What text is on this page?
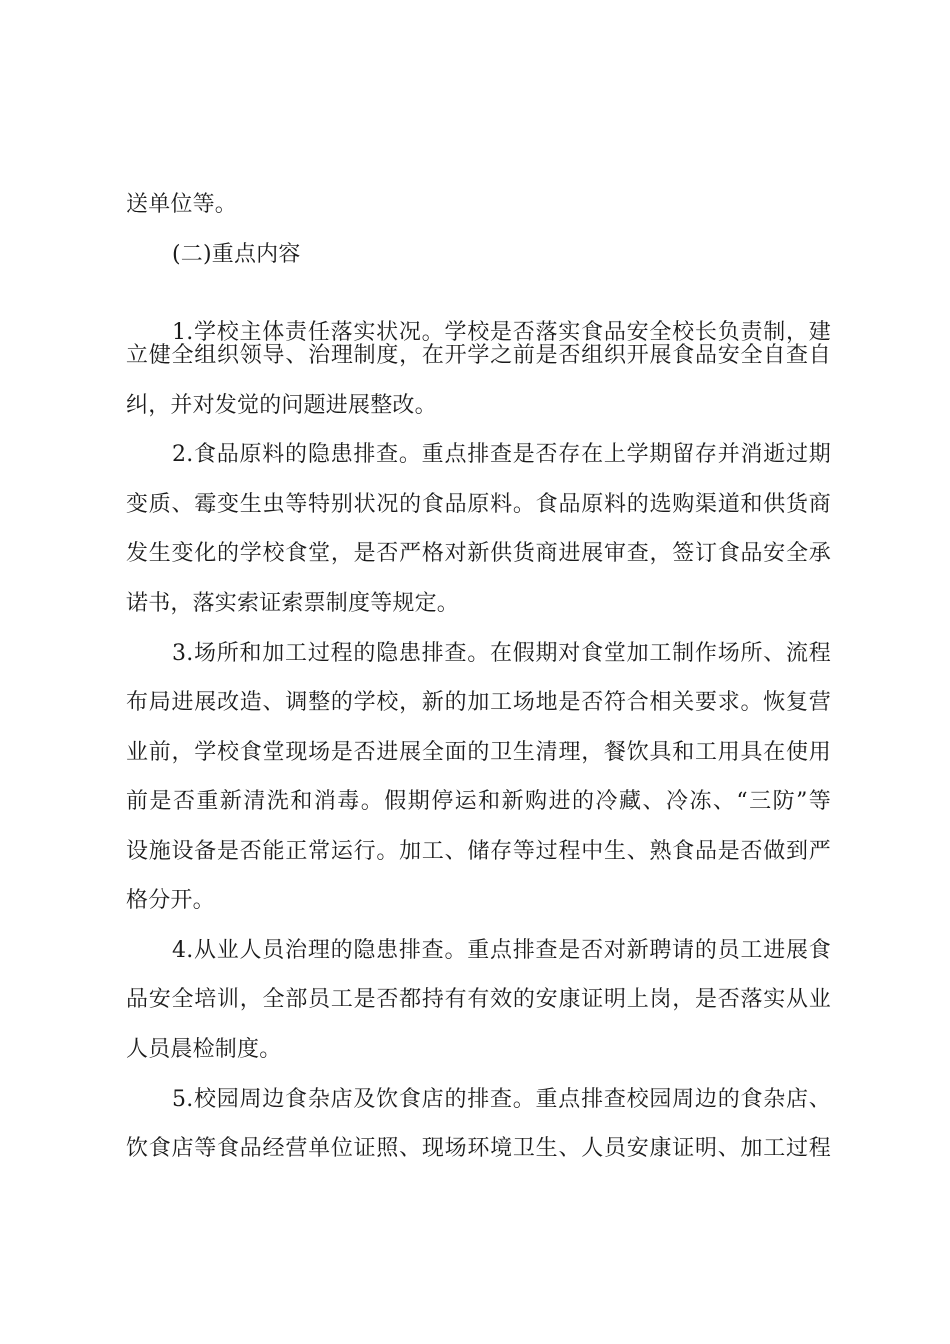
送单位等。
(二)重点内容
1.学校主体责任落实状况。学校是否落实食品安全校长负责制，建
立健全组织领导、治理制度，在开学之前是否组织开展食品安全自查自
纠，并对发觉的问题进展整改。
2.食品原料的隐患排查。重点排查是否存在上学期留存并消逝过期
变质、霉变生虫等特别状况的食品原料。食品原料的选购渠道和供货商
发生变化的学校食堂，是否严格对新供货商进展审查，签订食品安全承
诺书，落实索证索票制度等规定。
3.场所和加工过程的隐患排查。在假期对食堂加工制作场所、流程
布局进展改造、调整的学校，新的加工场地是否符合相关要求。恢复营
业前，学校食堂现场是否进展全面的卫生清理，餐饮具和工用具在使用
前是否重新清洗和消毒。假期停运和新购进的冷藏、冷冻、“三防”等
设施设备是否能正常运行。加工、储存等过程中生、熟食品是否做到严
格分开。
4.从业人员治理的隐患排查。重点排查是否对新聘请的员工进展食
品安全培训，全部员工是否都持有有效的安康证明上岗，是否落实从业
人员晨检制度。
5.校园周边食杂店及饮食店的排查。重点排查校园周边的食杂店、
饮食店等食品经营单位证照、现场环境卫生、人员安康证明、加工过程
